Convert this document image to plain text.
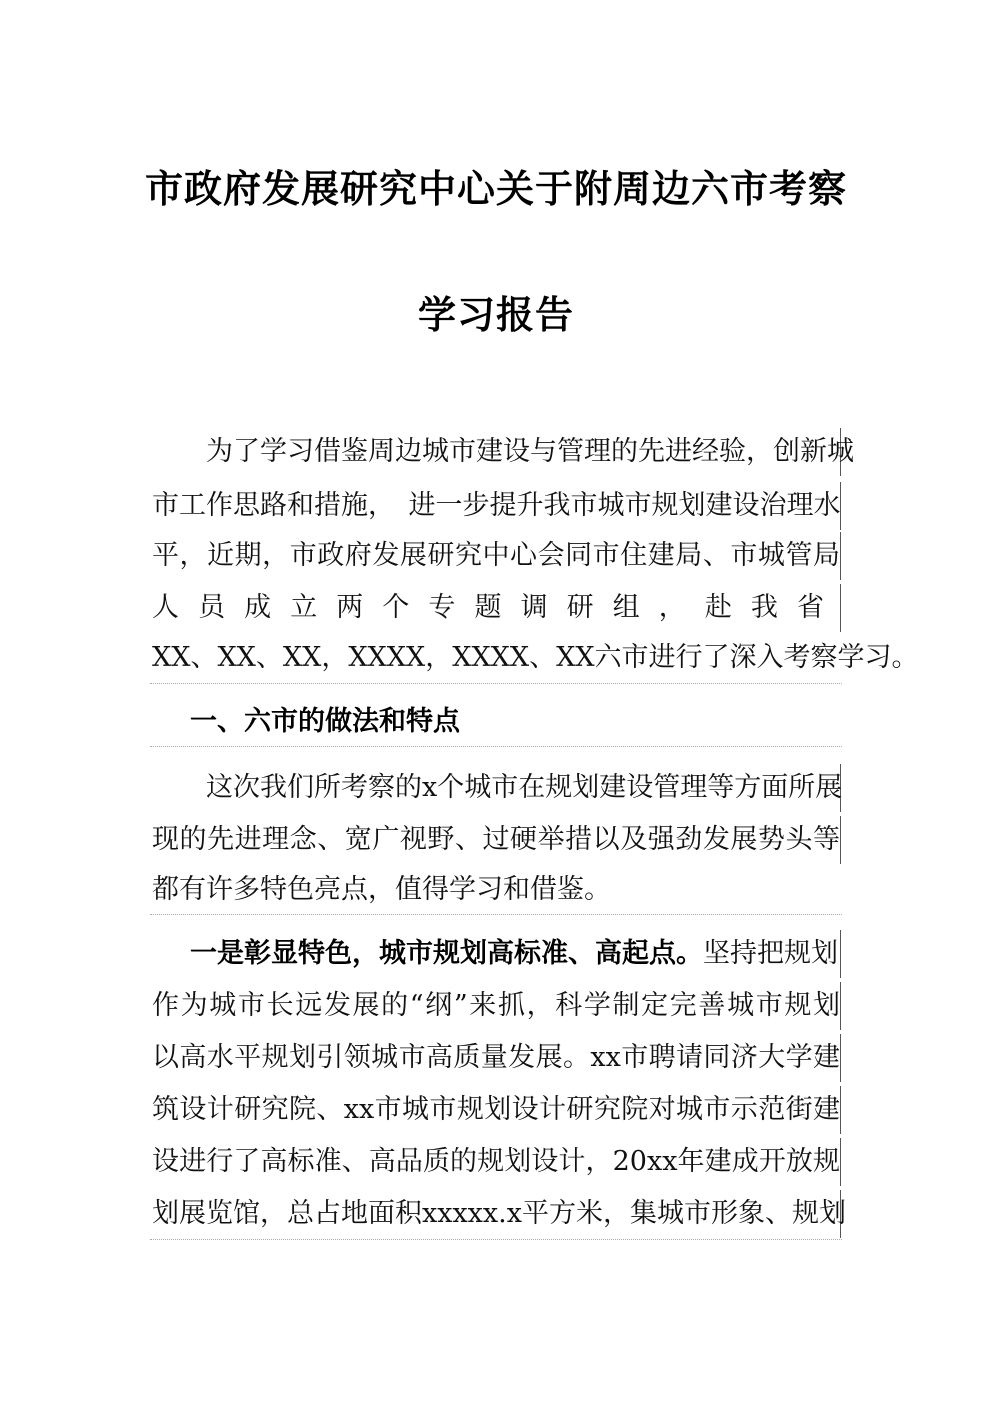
市政府发展研究中心关于附周边六市考察
学习报告
　　为了学习借鉴周边城市建设与管理的先进经验，创新城
市工作思路和措施，　进一步提升我市城市规划建设治理水
平，近期，市政府发展研究中心会同市住建局、市城管局
人员成立两个专题调研组，赴我省
XX、XX、XX，XXXX，XXXX、XX六市进行了深入考察学习。
一、六市的做法和特点
　　这次我们所考察的x个城市在规划建设管理等方面所展
现的先进理念、宽广视野、过硬举措以及强劲发展势头等
都有许多特色亮点，值得学习和借鉴。
一是彰显特色，城市规划高标准、高起点。坚持把规划
作为城市长远发展的“纲”来抓，科学制定完善城市规划
以高水平规划引领城市高质量发展。xx市聘请同济大学建
筑设计研究院、xx市城市规划设计研究院对城市示范街建
设进行了高标准、高品质的规划设计，20xx年建成开放规
划展览馆，总占地面积xxxxx.x平方米，集城市形象、规划
